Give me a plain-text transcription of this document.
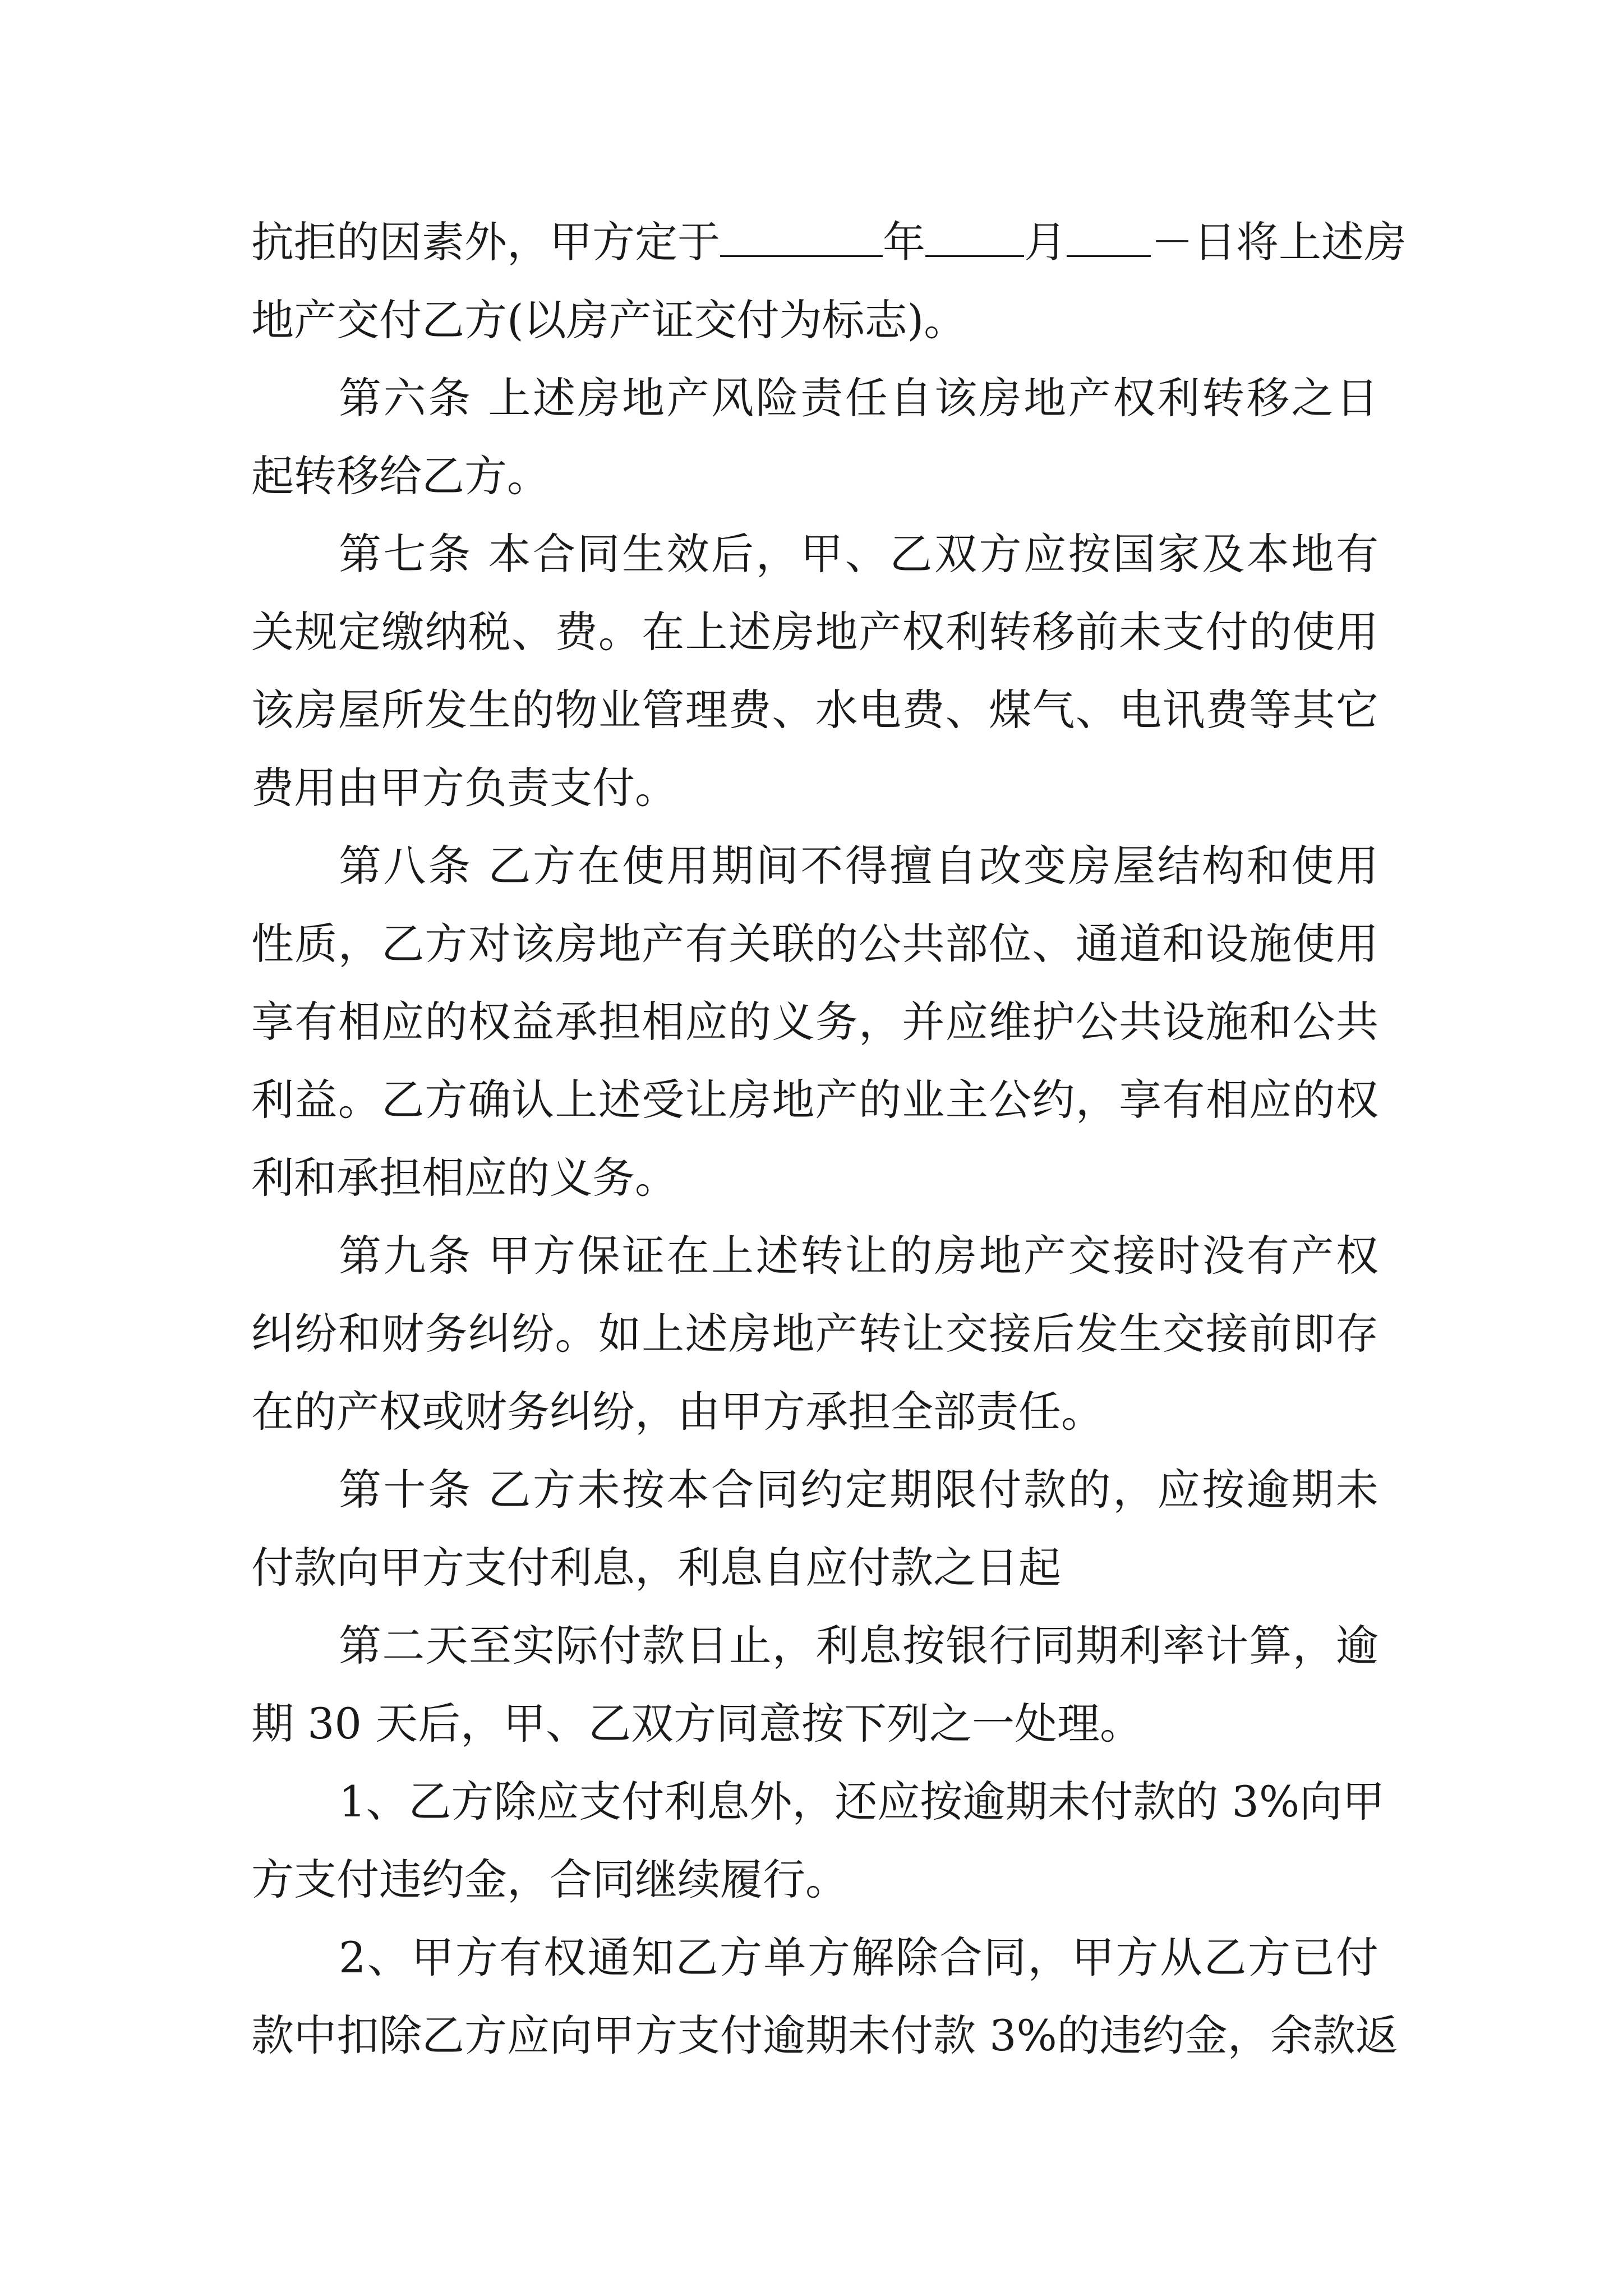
抗拒的因素外，甲方定于	年 月 －日将上述房
地产交付乙方(以房产证交付为标志)。
第六条 上述房地产风险责任自该房地产权利转移之日
起转移给乙方。
第七条 本合同生效后，甲、乙双方应按国家及本地有
关规定缴纳税、费。在上述房地产权利转移前未支付的使用
该房屋所发生的物业管理费、水电费、煤气、电讯费等其它
费用由甲方负责支付。
第八条 乙方在使用期间不得擅自改变房屋结构和使用
性质，乙方对该房地产有关联的公共部位、通道和设施使用
享有相应的权益承担相应的义务，并应维护公共设施和公共
利益。乙方确认上述受让房地产的业主公约，享有相应的权
利和承担相应的义务。
第九条 甲方保证在上述转让的房地产交接时没有产权
纠纷和财务纠纷。如上述房地产转让交接后发生交接前即存
在的产权或财务纠纷，由甲方承担全部责任。
第十条 乙方未按本合同约定期限付款的，应按逾期未
付款向甲方支付利息，利息自应付款之日起
第二天至实际付款日止，利息按银行同期利率计算，逾
期 30 天后，甲、乙双方同意按下列之一处理。
1、乙方除应支付利息外，还应按逾期未付款的 3%向甲
方支付违约金，合同继续履行。
2、甲方有权通知乙方单方解除合同，甲方从乙方已付
款中扣除乙方应向甲方支付逾期未付款 3%的违约金，余款返
